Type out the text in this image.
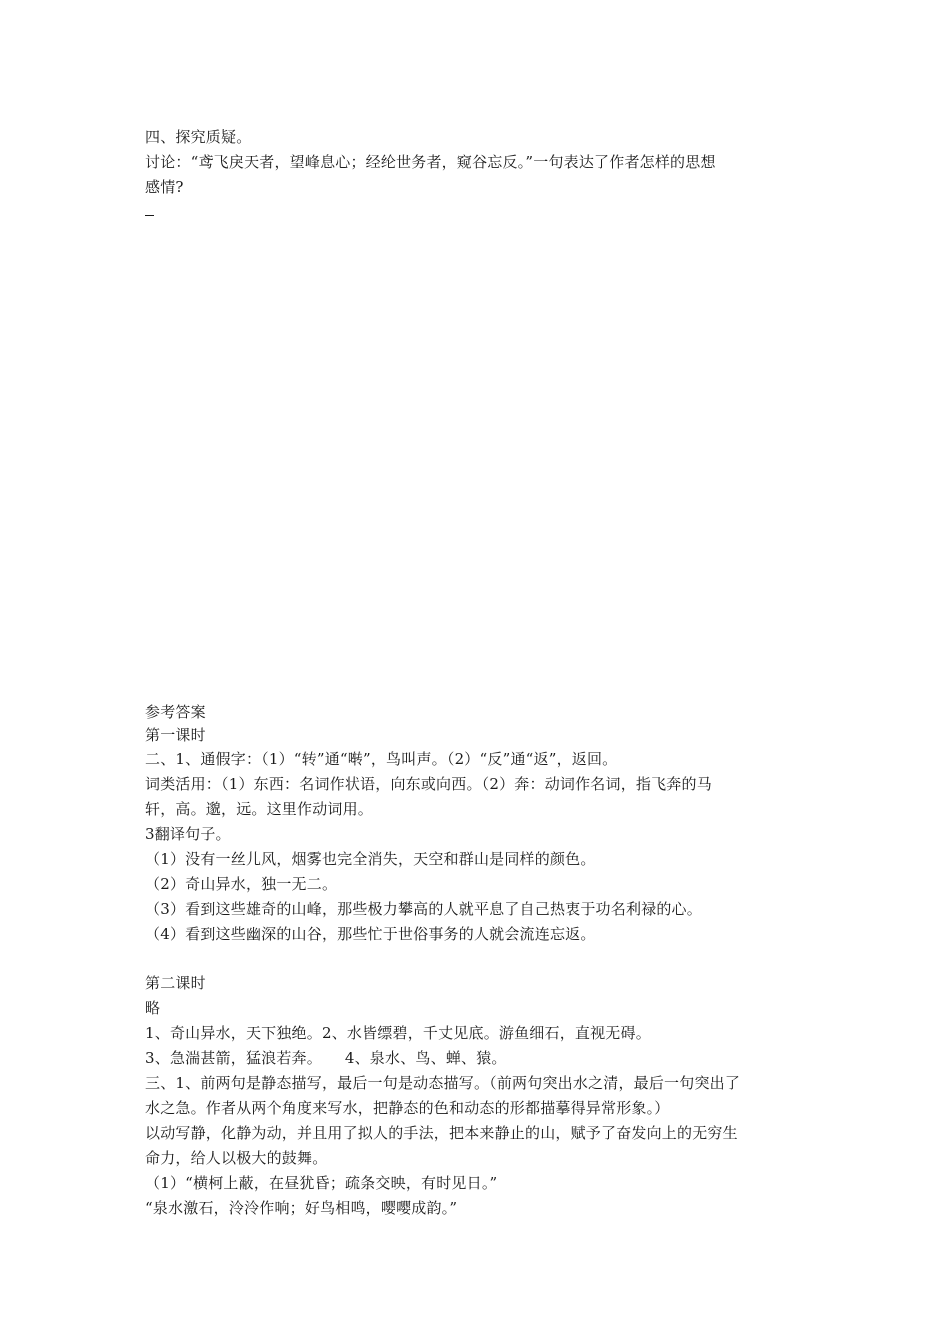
四、探究质疑。
讨论：“鸢飞戾天者，望峰息心；经纶世务者，窥谷忘反。”一句表达了作者怎样的思想
感情?
参考答案
第一课时
二、1、通假字：（1）“转”通“啭”，鸟叫声。（2）“反”通“返”，返回。
词类活用：（1）东西：名词作状语，向东或向西。（2）奔：动词作名词，指飞奔的马
轩，高。邈，远。这里作动词用。
3翻译句子。
（1）没有一丝儿风，烟雾也完全消失，天空和群山是同样的颜色。
（2）奇山异水，独一无二。
（3）看到这些雄奇的山峰，那些极力攀高的人就平息了自己热衷于功名利禄的心。
（4）看到这些幽深的山谷，那些忙于世俗事务的人就会流连忘返。
第二课时
略
1、奇山异水，天下独绝。2、水皆缥碧，千丈见底。游鱼细石，直视无碍。
3、急湍甚箭，猛浪若奔。　　4、泉水、鸟、蝉、猿。
三、1、前两句是静态描写，最后一句是动态描写。（前两句突出水之清，最后一句突出了
水之急。作者从两个角度来写水，把静态的色和动态的形都描摹得异常形象。）
以动写静，化静为动，并且用了拟人的手法，把本来静止的山，赋予了奋发向上的无穷生
命力，给人以极大的鼓舞。
（1）“横柯上蔽，在昼犹昏；疏条交映，有时见日。”
“泉水激石，泠泠作响；好鸟相鸣，嘤嘤成韵。”
